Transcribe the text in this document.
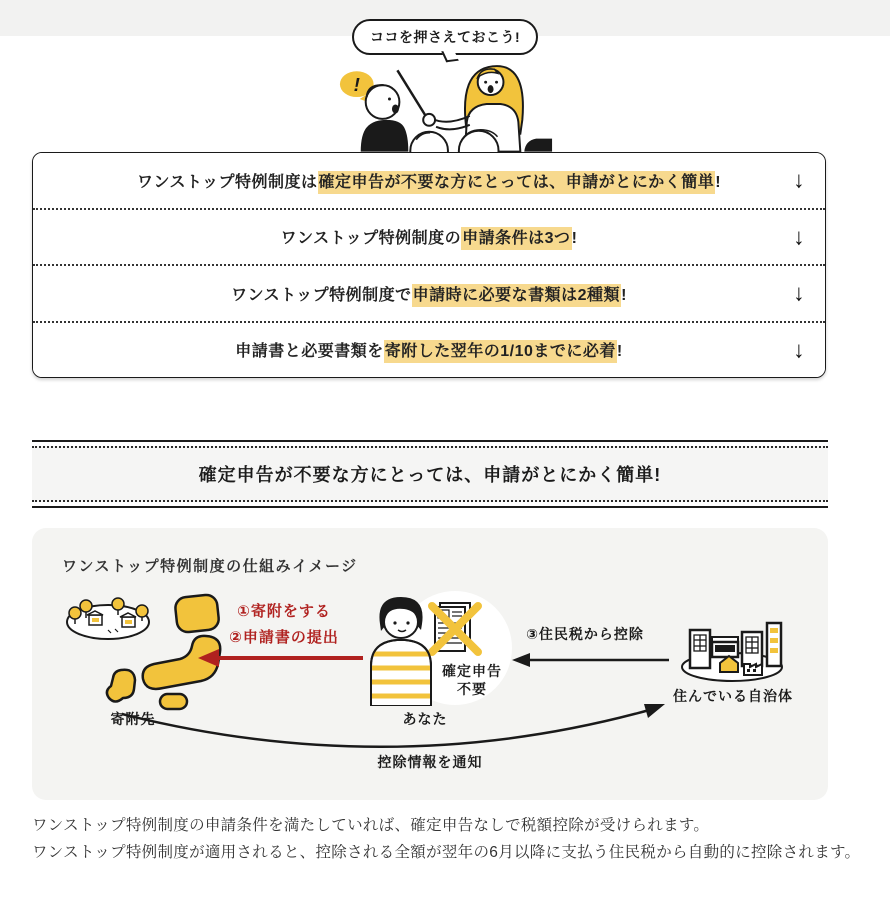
ココを押さえておこう!
!
ワンストップ特例制度は確定申告が不要な方にとっては、申請がとにかく簡単!	↓
ワンストップ特例制度の申請条件は3つ!	↓
ワンストップ特例制度で申請時に必要な書類は2種類!	↓
申請書と必要書類を寄附した翌年の1/10までに必着!	↓
確定申告が不要な方にとっては、申請がとにかく簡単!
ワンストップ特例制度の仕組みイメージ
寄附先
①寄附をする
②申請書の提出
確定申告
不要
あなた
③住民税から控除
住んでいる自治体
控除情報を通知

ワンストップ特例制度の申請条件を満たしていれば、確定申告なしで税額控除が受けられます。

ワンストップ特例制度が適用されると、控除される全額が翌年の6月以降に支払う住民税から自動的に控除されます。
